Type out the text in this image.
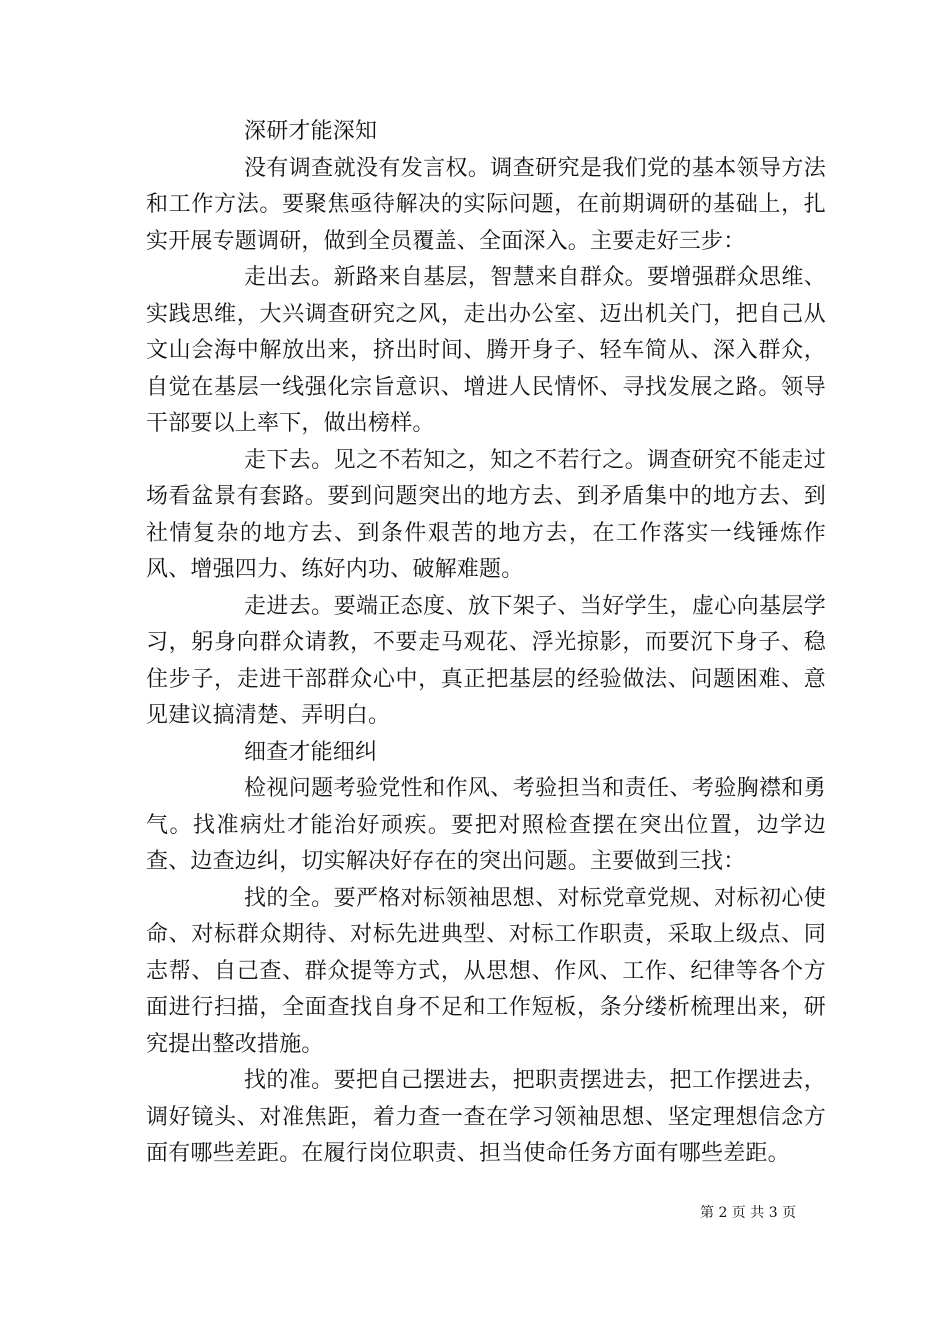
深研才能深知

没有调查就没有发言权。调查研究是我们党的基本领导方法和工作方法。要聚焦亟待解决的实际问题，在前期调研的基础上，扎实开展专题调研，做到全员覆盖、全面深入。主要走好三步：

走出去。新路来自基层，智慧来自群众。要增强群众思维、实践思维，大兴调查研究之风，走出办公室、迈出机关门，把自己从文山会海中解放出来，挤出时间、腾开身子、轻车简从、深入群众，自觉在基层一线强化宗旨意识、增进人民情怀、寻找发展之路。领导干部要以上率下，做出榜样。

走下去。见之不若知之，知之不若行之。调查研究不能走过场看盆景有套路。要到问题突出的地方去、到矛盾集中的地方去、到社情复杂的地方去、到条件艰苦的地方去，在工作落实一线锤炼作风、增强四力、练好内功、破解难题。

走进去。要端正态度、放下架子、当好学生，虚心向基层学习，躬身向群众请教，不要走马观花、浮光掠影，而要沉下身子、稳住步子，走进干部群众心中，真正把基层的经验做法、问题困难、意见建议搞清楚、弄明白。

细查才能细纠

检视问题考验党性和作风、考验担当和责任、考验胸襟和勇气。找准病灶才能治好顽疾。要把对照检查摆在突出位置，边学边查、边查边纠，切实解决好存在的突出问题。主要做到三找：

找的全。要严格对标领袖思想、对标党章党规、对标初心使命、对标群众期待、对标先进典型、对标工作职责，采取上级点、同志帮、自己查、群众提等方式，从思想、作风、工作、纪律等各个方面进行扫描，全面查找自身不足和工作短板，条分缕析梳理出来，研究提出整改措施。

找的准。要把自己摆进去，把职责摆进去，把工作摆进去，调好镜头、对准焦距，着力查一查在学习领袖思想、坚定理想信念方面有哪些差距。在履行岗位职责、担当使命任务方面有哪些差距。

第 2 页 共 3 页
